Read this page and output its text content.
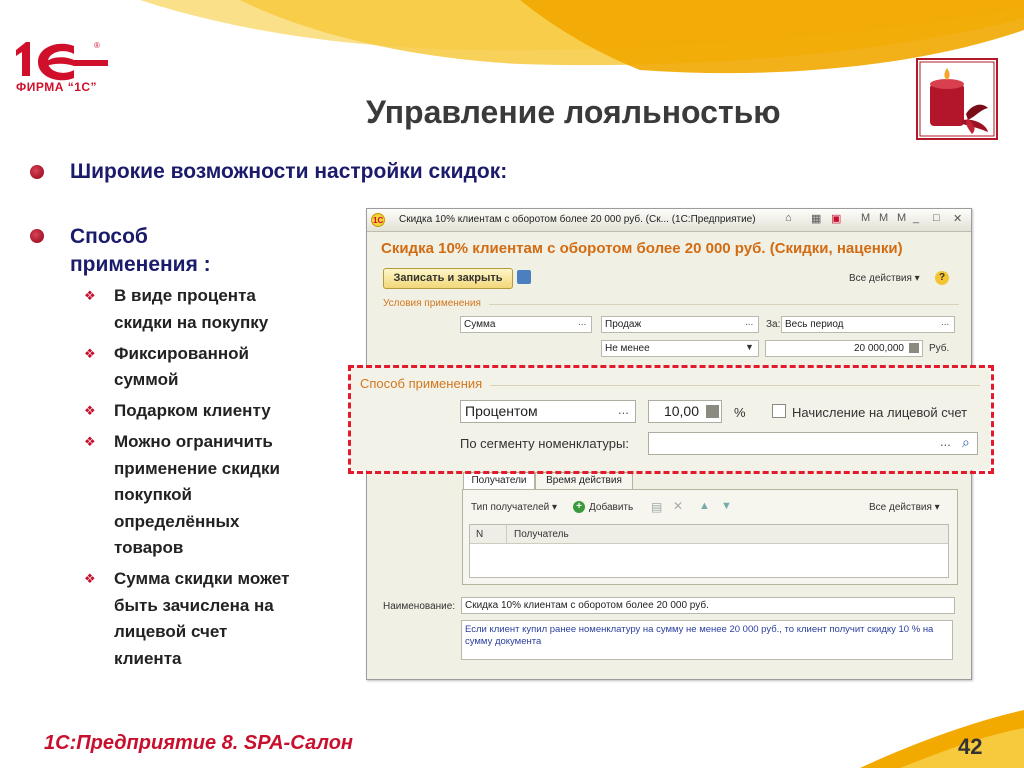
®
ФИРМА “1С”
Управление лояльностью
Широкие возможности настройки скидок:
Способ
применения :
❖ В виде процента
скидки на покупку
❖ Фиксированной
суммой
❖ Подарком клиенту
❖ Можно ограничить
применение скидки
покупкой
определённых
товаров
❖ Сумма скидки может
быть зачислена на
лицевой счет
клиента
1С Скидка 10% клиентам с оборотом более 20 000 руб. (Ск... (1С:Предприятие)	⌂ ▦ ▣ M M M _ □ ✕
Скидка 10% клиентам с оборотом более 20 000 руб. (Скидки, наценки)
Записать и закрыть	Все действия ▾	?
Условия применения
Сумма	...	Продаж	... За: Весь период	...
Не менее	▼	20 000,000	Руб.
Получатели	Время действия
Тип получателей ▾	+ Добавить ▤ ✕ ▲ ▼	Все действия ▾
N	Получатель
Наименование: Скидка 10% клиентам с оборотом более 20 000 руб.
Если клиент купил ранее номенклатуру на сумму не менее 20 000 руб., то клиент получит скидку 10 % на сумму документа
Способ применения
Процентом	...	10,00	%	Начисление на лицевой счет
По сегменту номенклатуры:	... ⌕
1С:Предприятие 8. SPA-Салон	42
